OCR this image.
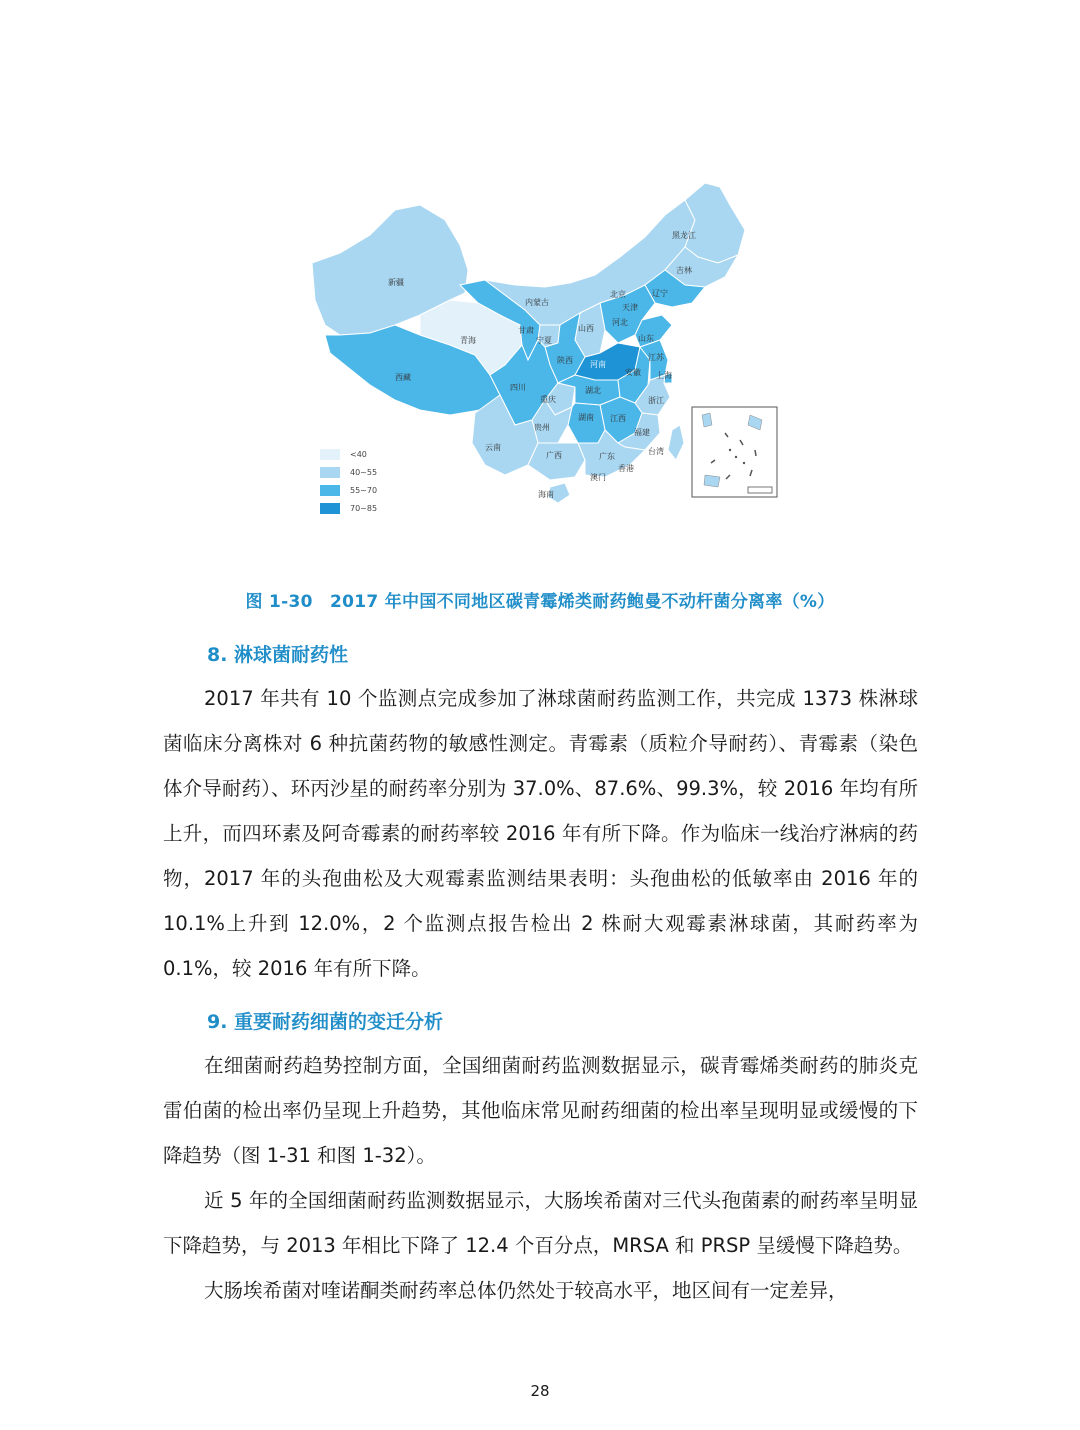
黑龙江
吉林
辽宁
内蒙古
新疆
青海
西藏
甘肃
宁夏
山西
北京
天津
河北
山东
河南
陕西
四川
重庆
湖北
安徽
江苏
上海
浙江
湖南 江西
贵州
云南
广西	广东
福建
台湾
香港
澳门
海南
<40
40~55
55~70
70~85
图 1-30　2017 年中国不同地区碳青霉烯类耐药鲍曼不动杆菌分离率（%）
8. 淋球菌耐药性

2017 年共有 10 个监测点完成参加了淋球菌耐药监测工作，共完成 1373 株淋球菌临床分离株对 6 种抗菌药物的敏感性测定。青霉素（质粒介导耐药）、青霉素（染色体介导耐药）、环丙沙星的耐药率分别为 37.0%、87.6%、99.3%，较 2016 年均有所上升，而四环素及阿奇霉素的耐药率较 2016 年有所下降。作为临床一线治疗淋病的药物，2017 年的头孢曲松及大观霉素监测结果表明：头孢曲松的低敏率由 2016 年的 10.1%上升到 12.0%，2 个监测点报告检出 2 株耐大观霉素淋球菌，其耐药率为 0.1%，较 2016 年有所下降。

9. 重要耐药细菌的变迁分析

在细菌耐药趋势控制方面，全国细菌耐药监测数据显示，碳青霉烯类耐药的肺炎克雷伯菌的检出率仍呈现上升趋势，其他临床常见耐药细菌的检出率呈现明显或缓慢的下降趋势（图 1-31 和图 1-32）。

近 5 年的全国细菌耐药监测数据显示，大肠埃希菌对三代头孢菌素的耐药率呈明显下降趋势，与 2013 年相比下降了 12.4 个百分点，MRSA 和 PRSP 呈缓慢下降趋势。

大肠埃希菌对喹诺酮类耐药率总体仍然处于较高水平，地区间有一定差异，

28
